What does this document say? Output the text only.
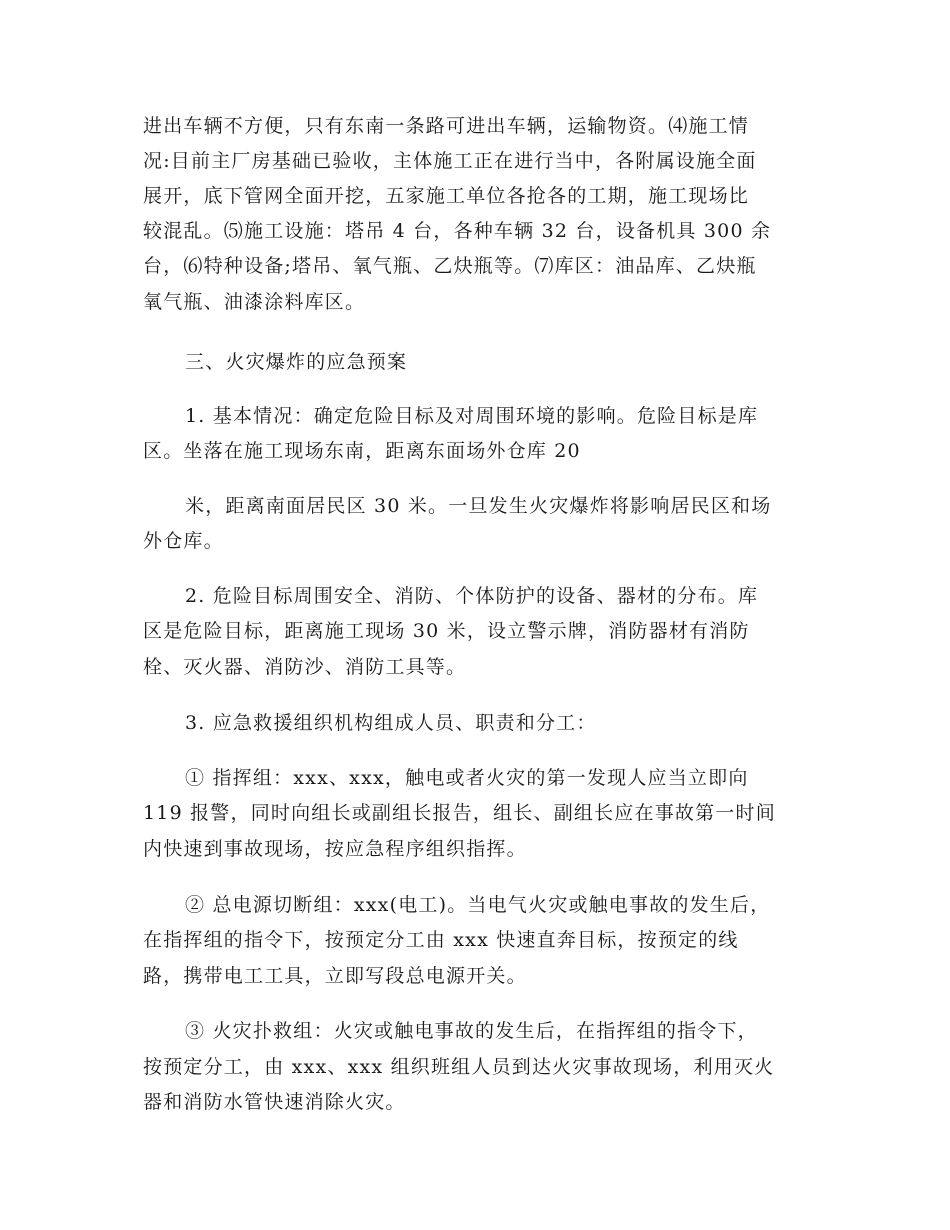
进出车辆不方便，只有东南一条路可进出车辆，运输物资。⑷施工情
况:目前主厂房基础已验收，主体施工正在进行当中，各附属设施全面
展开，底下管网全面开挖，五家施工单位各抢各的工期，施工现场比
较混乱。⑸施工设施：塔吊 4 台，各种车辆 32 台，设备机具 300 余
台，⑹特种设备;塔吊、氧气瓶、乙炔瓶等。⑺库区：油品库、乙炔瓶
氧气瓶、油漆涂料库区。
三、火灾爆炸的应急预案
1. 基本情况：确定危险目标及对周围环境的影响。危险目标是库
区。坐落在施工现场东南，距离东面场外仓库 20
米，距离南面居民区 30 米。一旦发生火灾爆炸将影响居民区和场
外仓库。
2. 危险目标周围安全、消防、个体防护的设备、器材的分布。库
区是危险目标，距离施工现场 30 米，设立警示牌，消防器材有消防
栓、灭火器、消防沙、消防工具等。
3. 应急救援组织机构组成人员、职责和分工：
① 指挥组：xxx、xxx，触电或者火灾的第一发现人应当立即向
119 报警，同时向组长或副组长报告，组长、副组长应在事故第一时间
内快速到事故现场，按应急程序组织指挥。
② 总电源切断组：xxx(电工)。当电气火灾或触电事故的发生后，
在指挥组的指令下，按预定分工由 xxx 快速直奔目标，按预定的线
路，携带电工工具，立即写段总电源开关。
③ 火灾扑救组：火灾或触电事故的发生后，在指挥组的指令下，
按预定分工，由 xxx、xxx 组织班组人员到达火灾事故现场，利用灭火
器和消防水管快速消除火灾。
